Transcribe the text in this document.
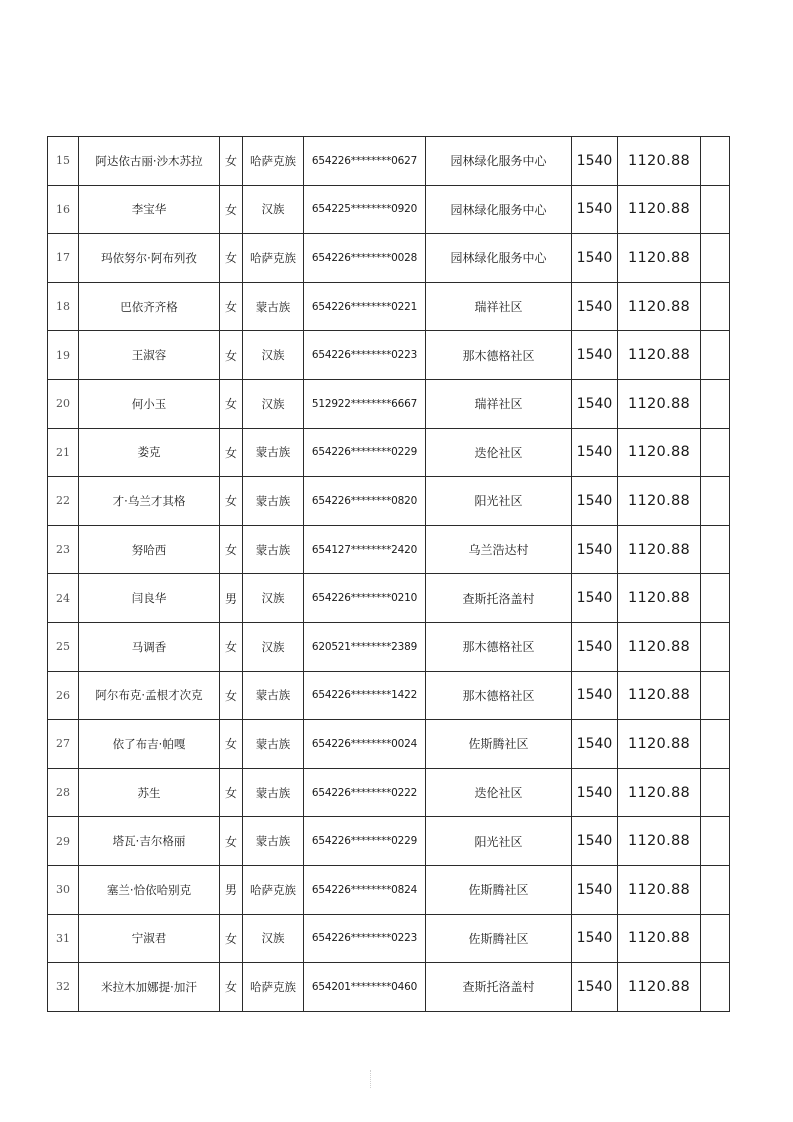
15	阿达依古丽·沙木苏拉	女	哈萨克族	654226********0627	园林绿化服务中心	1540	1120.88	
16	李宝华	女	汉族	654225********0920	园林绿化服务中心	1540	1120.88	
17	玛依努尔·阿布列孜	女	哈萨克族	654226********0028	园林绿化服务中心	1540	1120.88	
18	巴依齐齐格	女	蒙古族	654226********0221	瑞祥社区	1540	1120.88	
19	王淑容	女	汉族	654226********0223	那木德格社区	1540	1120.88	
20	何小玉	女	汉族	512922********6667	瑞祥社区	1540	1120.88	
21	娄克	女	蒙古族	654226********0229	迭伦社区	1540	1120.88	
22	才·乌兰才其格	女	蒙古族	654226********0820	阳光社区	1540	1120.88	
23	努哈西	女	蒙古族	654127********2420	乌兰浩达村	1540	1120.88	
24	闫良华	男	汉族	654226********0210	查斯托洛盖村	1540	1120.88	
25	马调香	女	汉族	620521********2389	那木德格社区	1540	1120.88	
26	阿尔布克·孟根才次克	女	蒙古族	654226********1422	那木德格社区	1540	1120.88	
27	依了布吉·帕嘎	女	蒙古族	654226********0024	佐斯腾社区	1540	1120.88	
28	苏生	女	蒙古族	654226********0222	迭伦社区	1540	1120.88	
29	塔瓦·吉尔格丽	女	蒙古族	654226********0229	阳光社区	1540	1120.88	
30	塞兰·恰依哈别克	男	哈萨克族	654226********0824	佐斯腾社区	1540	1120.88	
31	宁淑君	女	汉族	654226********0223	佐斯腾社区	1540	1120.88	
32	米拉木加娜提·加汗	女	哈萨克族	654201********0460	查斯托洛盖村	1540	1120.88	
